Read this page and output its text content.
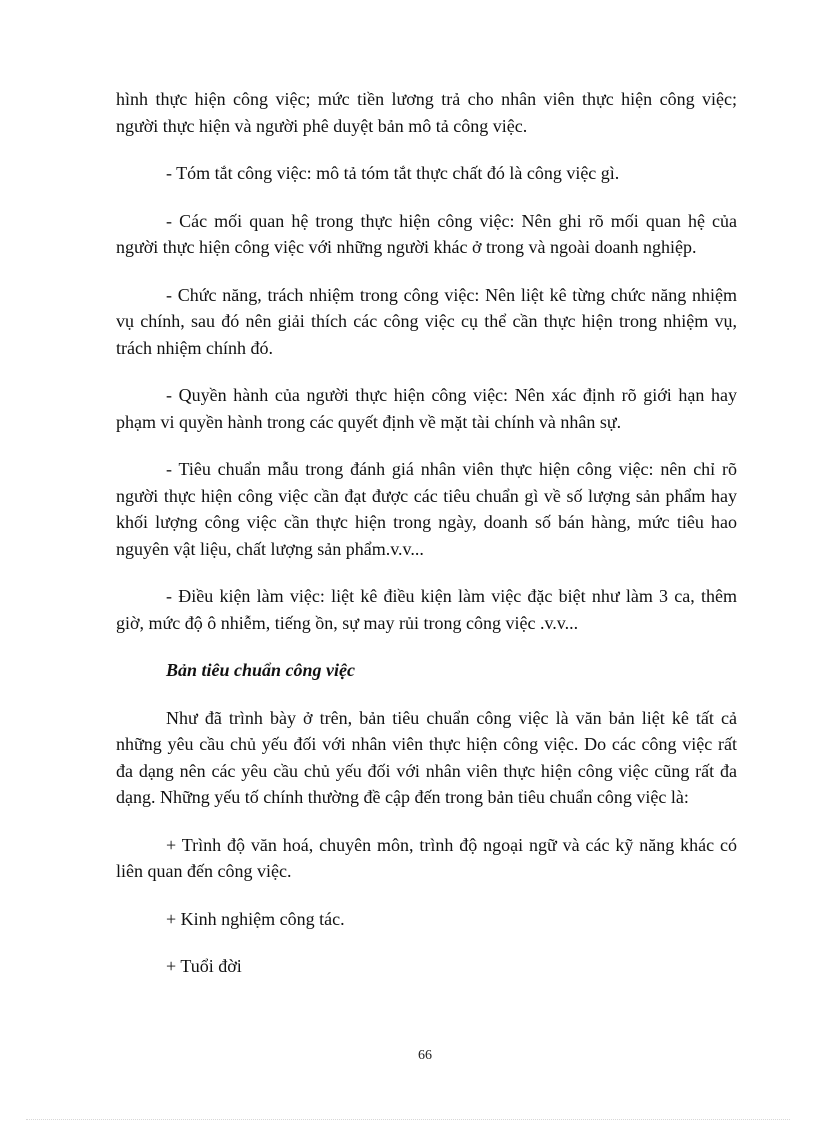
hình thực hiện công việc; mức tiền lương trả cho nhân viên thực hiện công việc; người thực hiện và người phê duyệt bản mô tả công việc.

- Tóm tắt công việc: mô tả tóm tắt thực chất đó là công việc gì.

- Các mối quan hệ trong thực hiện công việc: Nên ghi rõ mối quan hệ của người thực hiện công việc với những người khác ở trong và ngoài doanh nghiệp.

- Chức năng, trách nhiệm trong công việc: Nên liệt kê từng chức năng nhiệm vụ chính, sau đó nên giải thích các công việc cụ thể cần thực hiện trong nhiệm vụ, trách nhiệm chính đó.

- Quyền hành của người thực hiện công việc: Nên xác định rõ giới hạn hay phạm vi quyền hành trong các quyết định về mặt tài chính và nhân sự.

- Tiêu chuẩn mẫu trong đánh giá nhân viên thực hiện công việc: nên chỉ rõ người thực hiện công việc cần đạt được các tiêu chuẩn gì về số lượng sản phẩm hay khối lượng công việc cần thực hiện trong ngày, doanh số bán hàng, mức tiêu hao nguyên vật liệu, chất lượng sản phẩm.v.v...

- Điều kiện làm việc: liệt kê điều kiện làm việc đặc biệt như làm 3 ca, thêm giờ, mức độ ô nhiễm, tiếng ồn, sự may rủi trong công việc .v.v...

Bản tiêu chuẩn công việc

Như đã trình bày ở trên, bản tiêu chuẩn công việc là văn bản liệt kê tất cả những yêu cầu chủ yếu đối với nhân viên thực hiện công việc. Do các công việc rất đa dạng nên các yêu cầu chủ yếu đối với nhân viên thực hiện công việc cũng rất đa dạng. Những yếu tố chính thường đề cập đến trong bản tiêu chuẩn công việc là:

+ Trình độ văn hoá, chuyên môn, trình độ ngoại ngữ và các kỹ năng khác có liên quan đến công việc.

+ Kinh nghiệm công tác.

+ Tuổi đời

66
